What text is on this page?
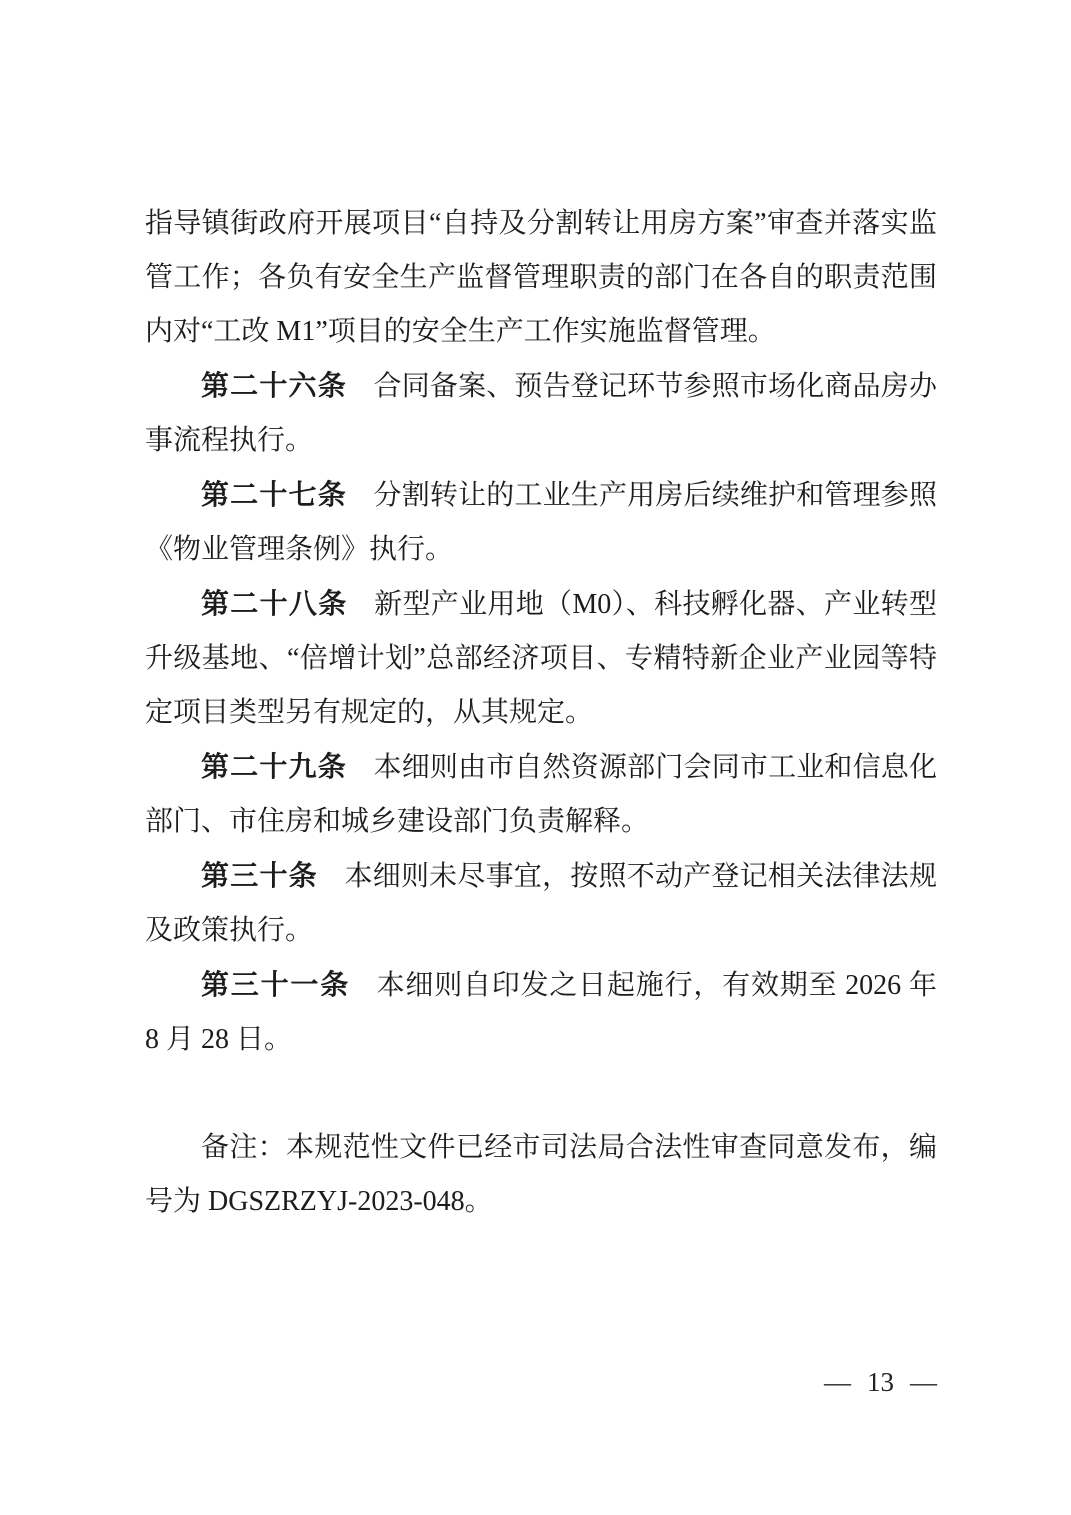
指导镇街政府开展项目“自持及分割转让用房方案”审查并落实监管工作；各负有安全生产监督管理职责的部门在各自的职责范围内对“工改 M1”项目的安全生产工作实施监督管理。

第二十六条 合同备案、预告登记环节参照市场化商品房办事流程执行。

第二十七条 分割转让的工业生产用房后续维护和管理参照《物业管理条例》执行。

第二十八条 新型产业用地（M0）、科技孵化器、产业转型升级基地、“倍增计划”总部经济项目、专精特新企业产业园等特定项目类型另有规定的，从其规定。

第二十九条 本细则由市自然资源部门会同市工业和信息化部门、市住房和城乡建设部门负责解释。

第三十条 本细则未尽事宜，按照不动产登记相关法律法规及政策执行。

第三十一条 本细则自印发之日起施行，有效期至 2026 年 8 月 28 日。

备注：本规范性文件已经市司法局合法性审查同意发布，编号为 DGSZRZYJ-2023-048。

— 13 —
